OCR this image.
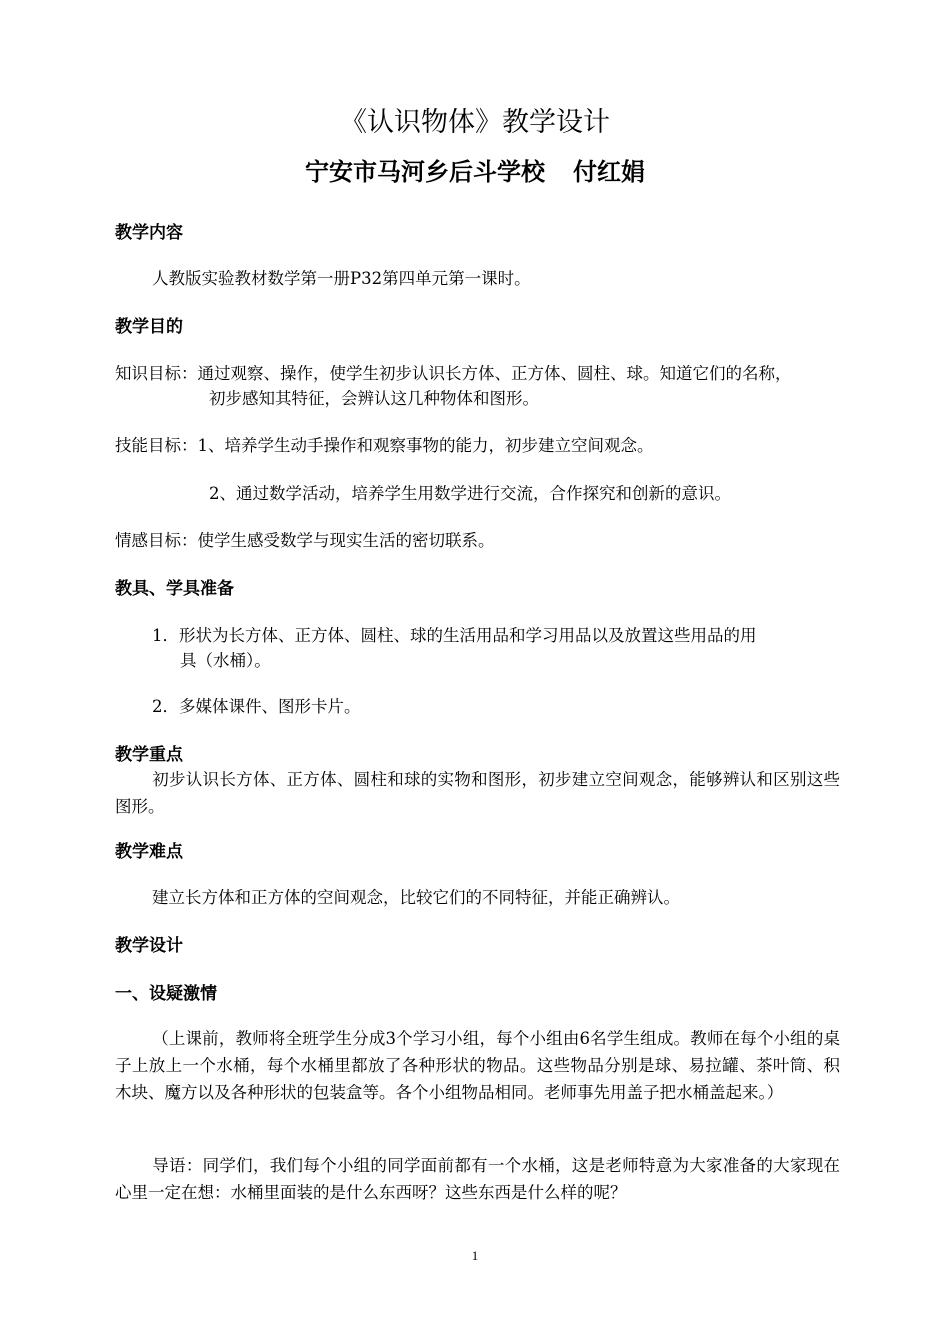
《认识物体》教学设计
宁安市马河乡后斗学校 付红娟
教学内容
人教版实验教材数学第一册P32第四单元第一课时。
教学目的
知识目标：通过观察、操作，使学生初步认识长方体、正方体、圆柱、球。知道它们的名称，
初步感知其特征，会辨认这几种物体和图形。
技能目标：1、培养学生动手操作和观察事物的能力，初步建立空间观念。
2、通过数学活动，培养学生用数学进行交流，合作探究和创新的意识。
情感目标：使学生感受数学与现实生活的密切联系。
教具、学具准备
1．形状为长方体、正方体、圆柱、球的生活用品和学习用品以及放置这些用品的用
具（水桶）。
2．多媒体课件、图形卡片。
教学重点
初步认识长方体、正方体、圆柱和球的实物和图形，初步建立空间观念，能够辨认和区别这些图形。
教学难点
建立长方体和正方体的空间观念，比较它们的不同特征，并能正确辨认。
教学设计
一、设疑激情
（上课前，教师将全班学生分成3个学习小组，每个小组由6名学生组成。教师在每个小组的桌子上放上一个水桶，每个水桶里都放了各种形状的物品。这些物品分别是球、易拉罐、茶叶筒、积木块、魔方以及各种形状的包装盒等。各个小组物品相同。老师事先用盖子把水桶盖起来。）
导语：同学们，我们每个小组的同学面前都有一个水桶，这是老师特意为大家准备的大家现在心里一定在想：水桶里面装的是什么东西呀？这些东西是什么样的呢？
1
